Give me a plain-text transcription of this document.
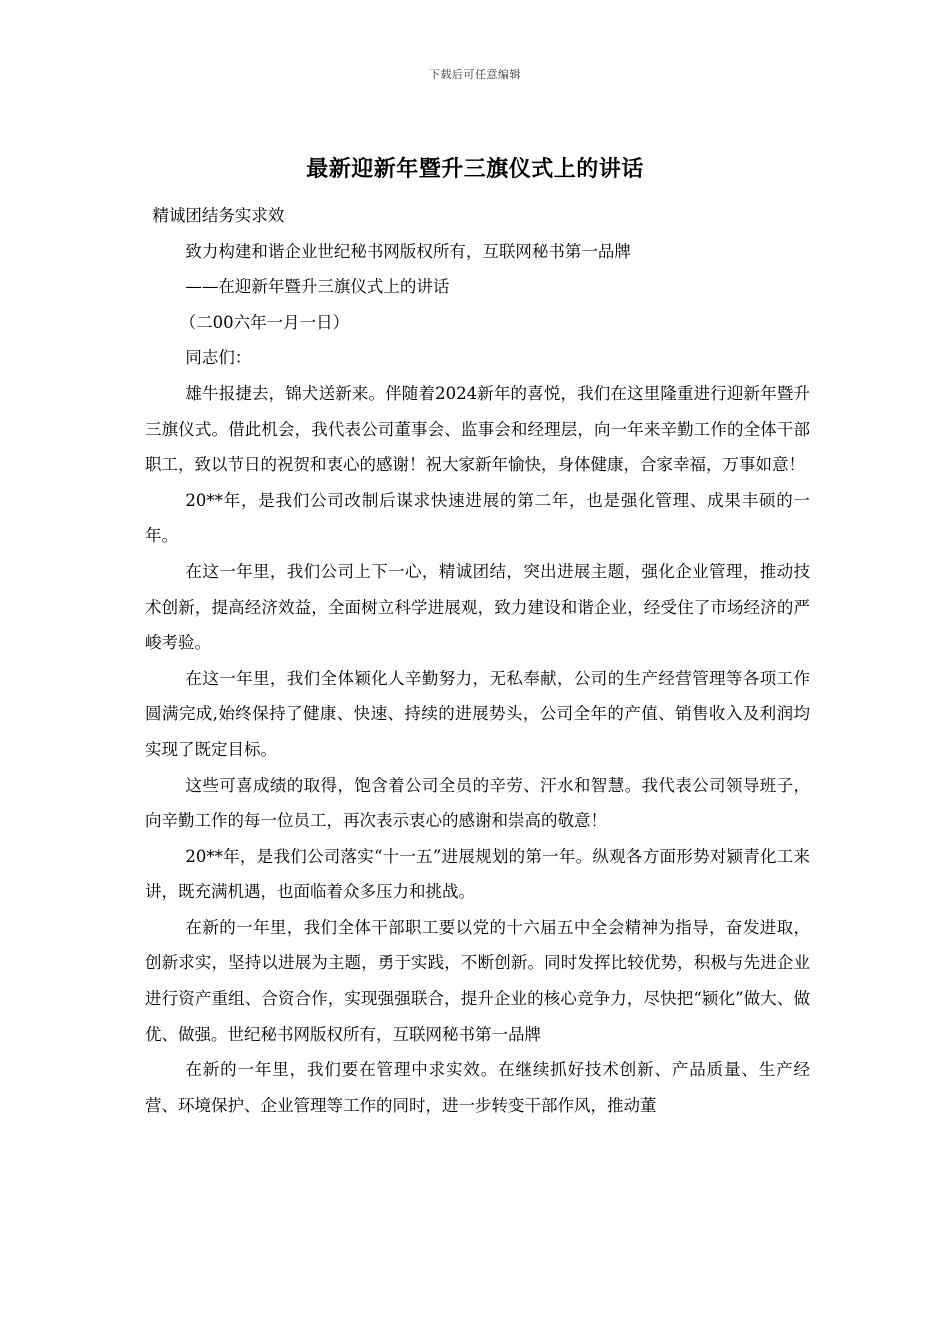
下载后可任意编辑
最新迎新年暨升三旗仪式上的讲话

精诚团结务实求效

致力构建和谐企业世纪秘书网版权所有，互联网秘书第一品牌

——在迎新年暨升三旗仪式上的讲话

（二00六年一月一日）

同志们：

雄牛报捷去，锦犬送新来。伴随着2024新年的喜悦，我们在这里隆重进行迎新年暨升三旗仪式。借此机会，我代表公司董事会、监事会和经理层，向一年来辛勤工作的全体干部职工，致以节日的祝贺和衷心的感谢！祝大家新年愉快，身体健康，合家幸福，万事如意！

20**年，是我们公司改制后谋求快速进展的第二年，也是强化管理、成果丰硕的一年。

在这一年里，我们公司上下一心，精诚团结，突出进展主题，强化企业管理，推动技术创新，提高经济效益，全面树立科学进展观，致力建设和谐企业，经受住了市场经济的严峻考验。

在这一年里，我们全体颖化人辛勤努力，无私奉献，公司的生产经营管理等各项工作圆满完成,始终保持了健康、快速、持续的进展势头，公司全年的产值、销售收入及利润均实现了既定目标。

这些可喜成绩的取得，饱含着公司全员的辛劳、汗水和智慧。我代表公司领导班子，向辛勤工作的每一位员工，再次表示衷心的感谢和崇高的敬意！

20**年，是我们公司落实“十一五”进展规划的第一年。纵观各方面形势对颍青化工来讲，既充满机遇，也面临着众多压力和挑战。

在新的一年里，我们全体干部职工要以党的十六届五中全会精神为指导，奋发进取，创新求实，坚持以进展为主题，勇于实践，不断创新。同时发挥比较优势，积极与先进企业进行资产重组、合资合作，实现强强联合，提升企业的核心竞争力，尽快把“颍化”做大、做优、做强。世纪秘书网版权所有，互联网秘书第一品牌

在新的一年里，我们要在管理中求实效。在继续抓好技术创新、产品质量、生产经营、环境保护、企业管理等工作的同时，进一步转变干部作风，推动董
